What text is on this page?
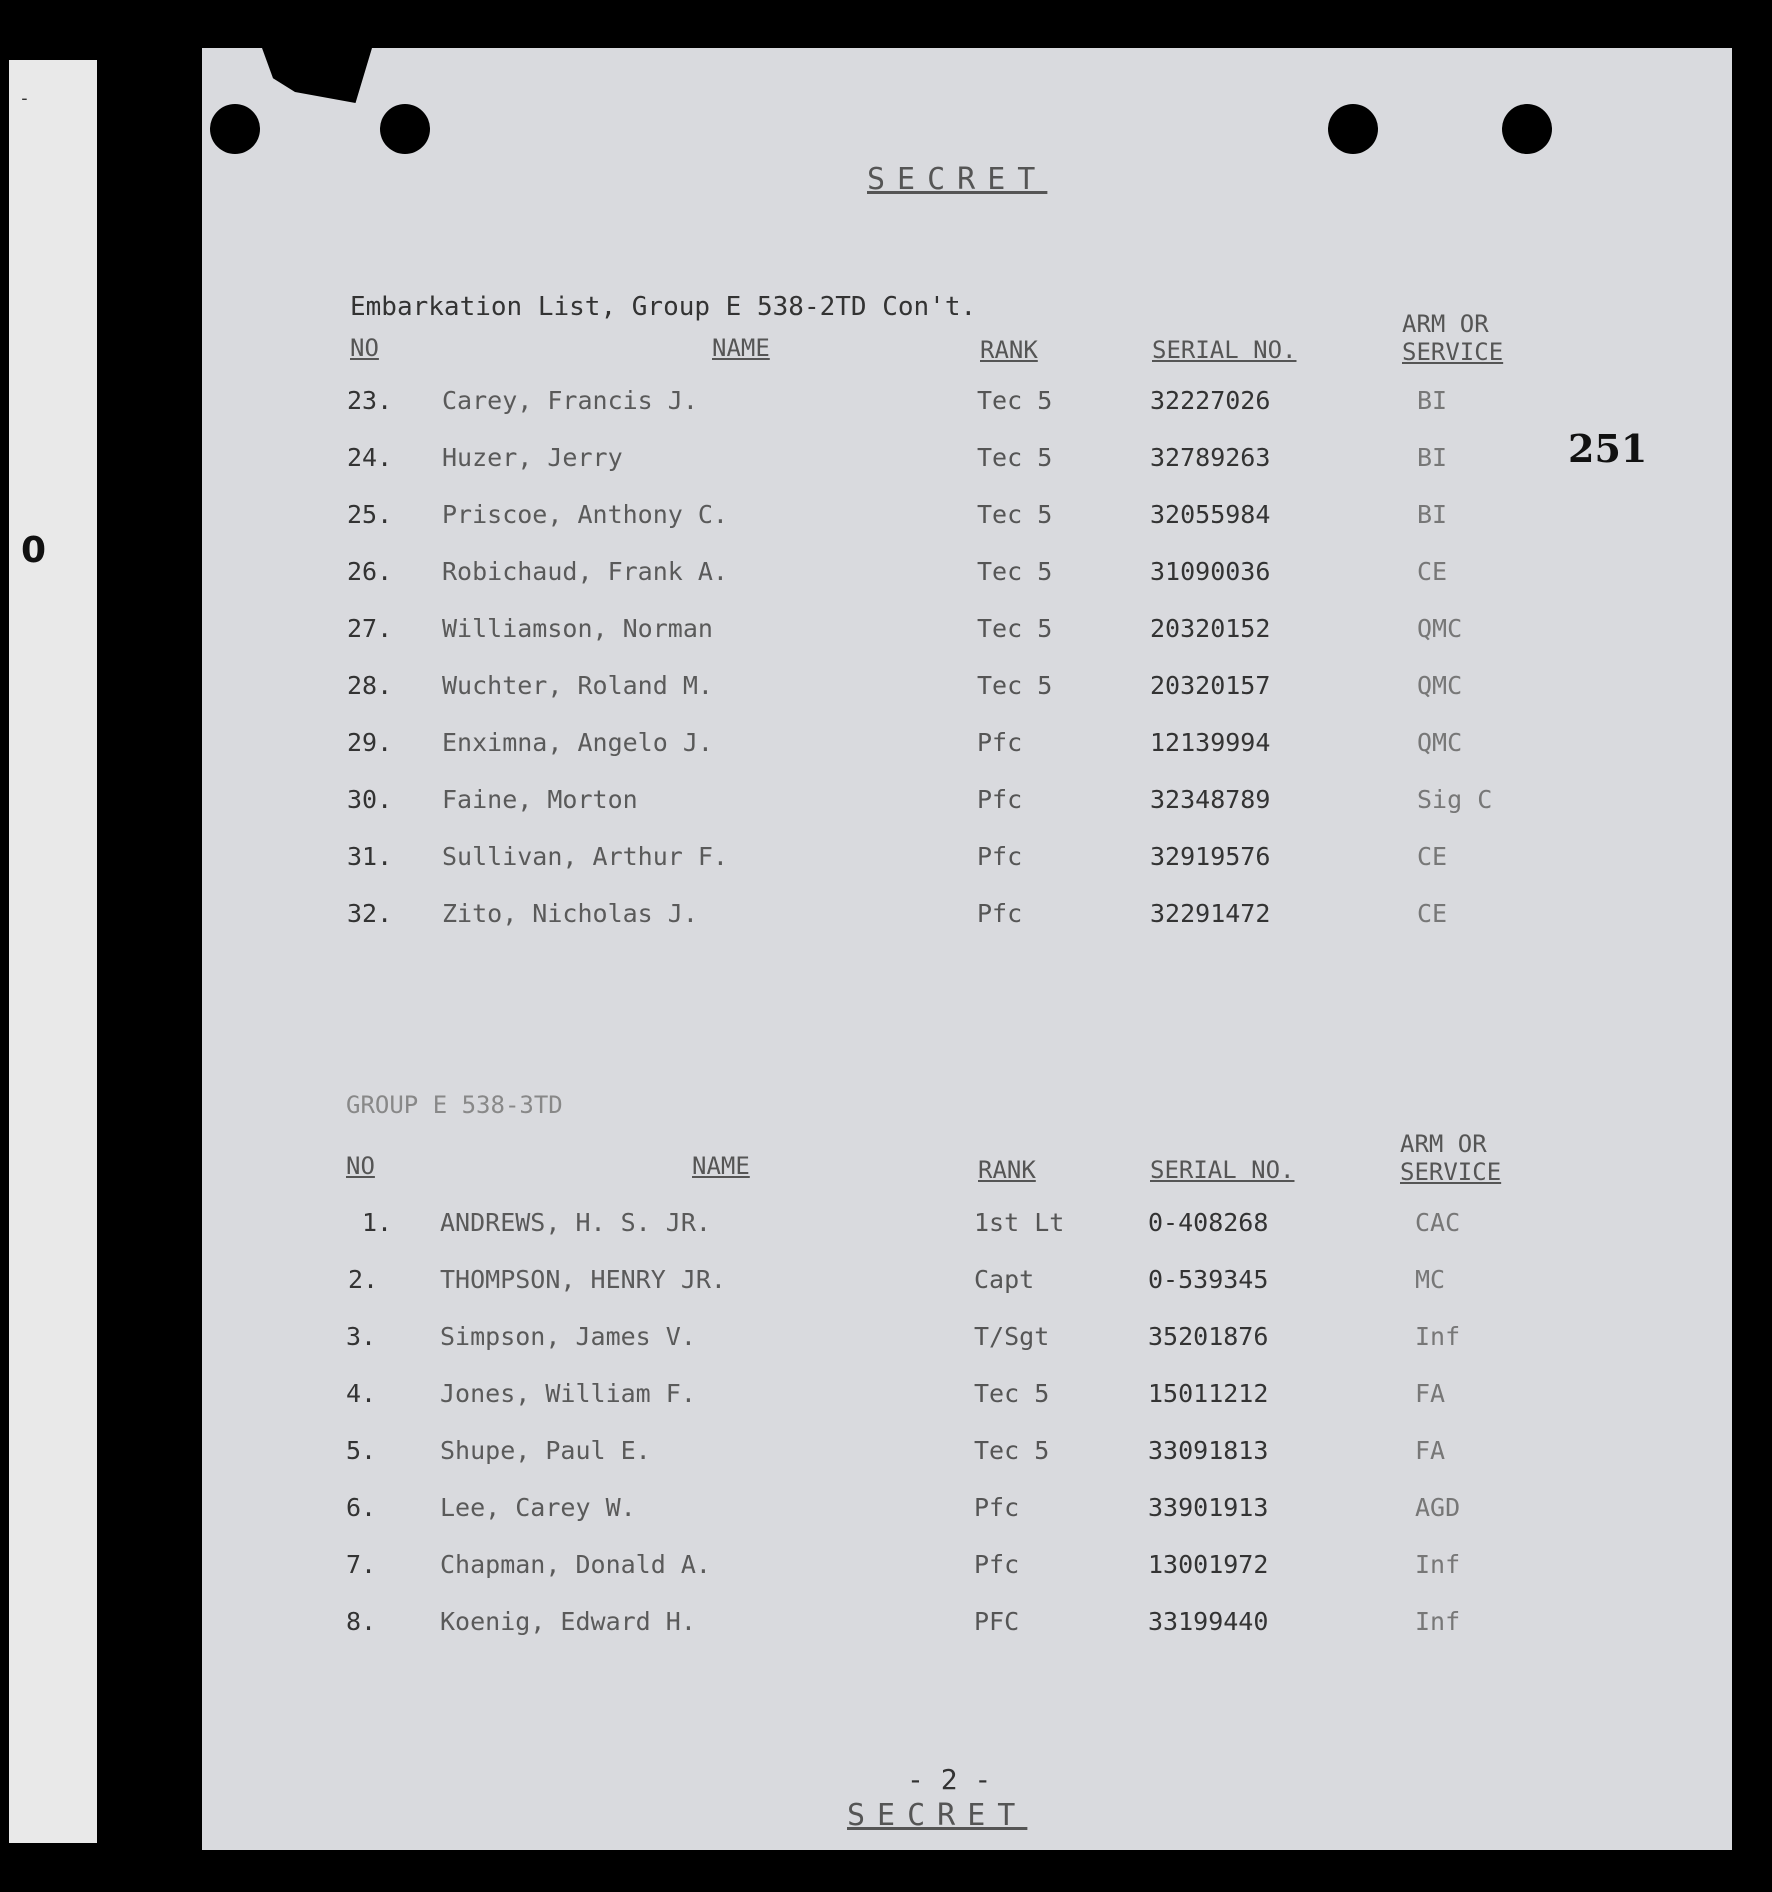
-
0
251
SECRET
Embarkation List, Group E 538-2TD Con't.
NO	NAME	RANK	SERIAL NO.
ARM OR
SERVICE
23. Carey, Francis J.	Tec 5	32227026	BI
24. Huzer, Jerry	Tec 5	32789263	BI
25. Priscoe, Anthony C.	Tec 5	32055984	BI
26. Robichaud, Frank A.	Tec 5	31090036	CE
27. Williamson, Norman	Tec 5	20320152	QMC
28. Wuchter, Roland M.	Tec 5	20320157	QMC
29. Enximna, Angelo J.	Pfc	12139994	QMC
30. Faine, Morton	Pfc	32348789	Sig C
31. Sullivan, Arthur F.	Pfc	32919576	CE
32. Zito, Nicholas J.	Pfc	32291472	CE
GROUP E 538-3TD
NO	NAME	RANK	SERIAL NO.
ARM OR
SERVICE
1. ANDREWS, H. S. JR.	1st Lt	0-408268	CAC
2. THOMPSON, HENRY JR.	Capt	0-539345	MC
3.	Simpson, James V.	T/Sgt	35201876	Inf
4.	Jones, William F.	Tec 5	15011212	FA
5.	Shupe, Paul E.	Tec 5	33091813	FA
6.	Lee, Carey W.	Pfc	33901913	AGD
7.	Chapman, Donald A.	Pfc	13001972	Inf
8.	Koenig, Edward H.	PFC	33199440	Inf
- 2 -
SECRET
